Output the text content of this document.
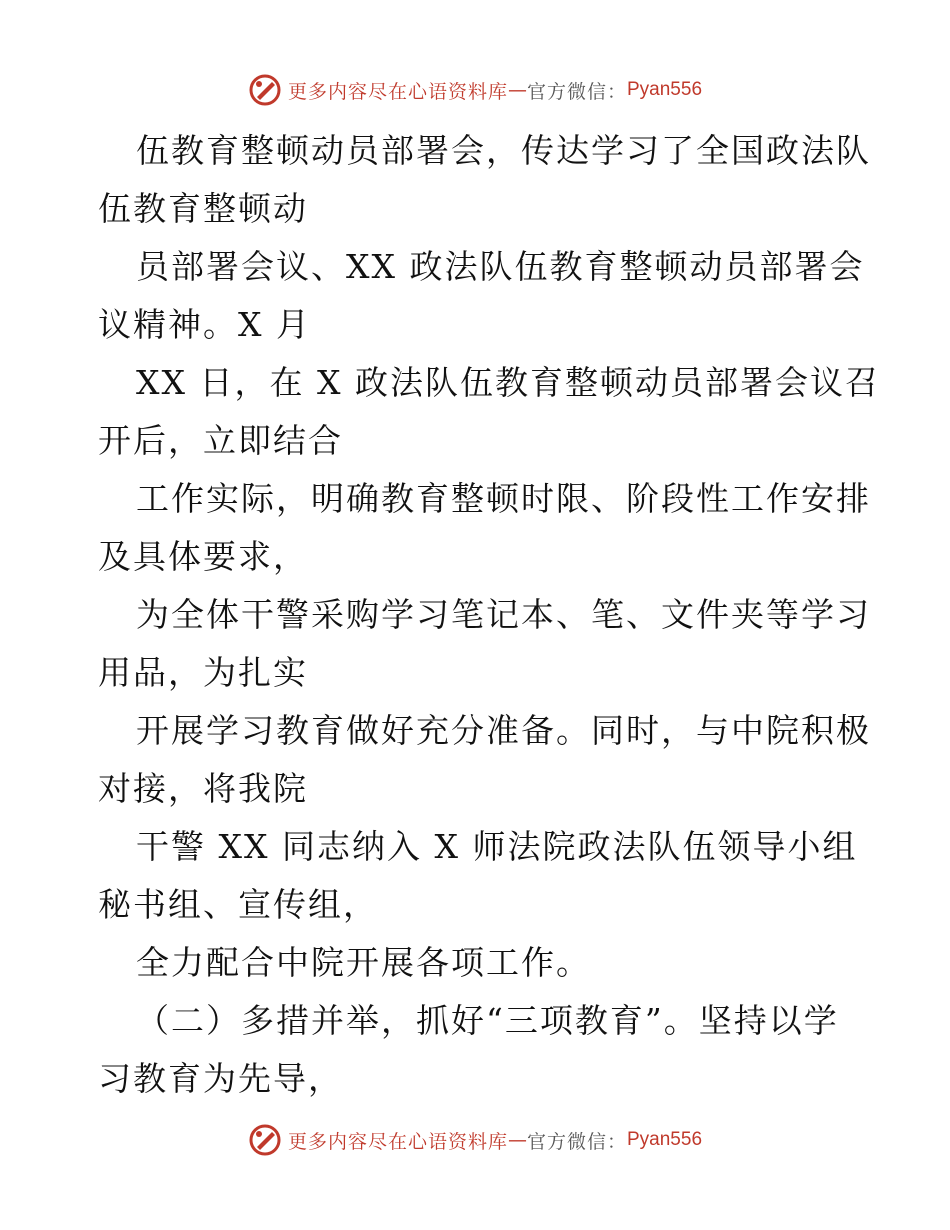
更多内容尽在心语资料库 — 官方微信： Pyan556
伍教育整顿动员部署会，传达学习了全国政法队
伍教育整顿动
员部署会议、XX 政法队伍教育整顿动员部署会
议精神。X 月
XX 日，在 X 政法队伍教育整顿动员部署会议召
开后，立即结合
工作实际，明确教育整顿时限、阶段性工作安排
及具体要求，
为全体干警采购学习笔记本、笔、文件夹等学习
用品，为扎实
开展学习教育做好充分准备。同时，与中院积极
对接，将我院
干警 XX 同志纳入 X 师法院政法队伍领导小组
秘书组、宣传组，
全力配合中院开展各项工作。
（二）多措并举，抓好“三项教育”。坚持以学
习教育为先导，
更多内容尽在心语资料库 — 官方微信： Pyan556
